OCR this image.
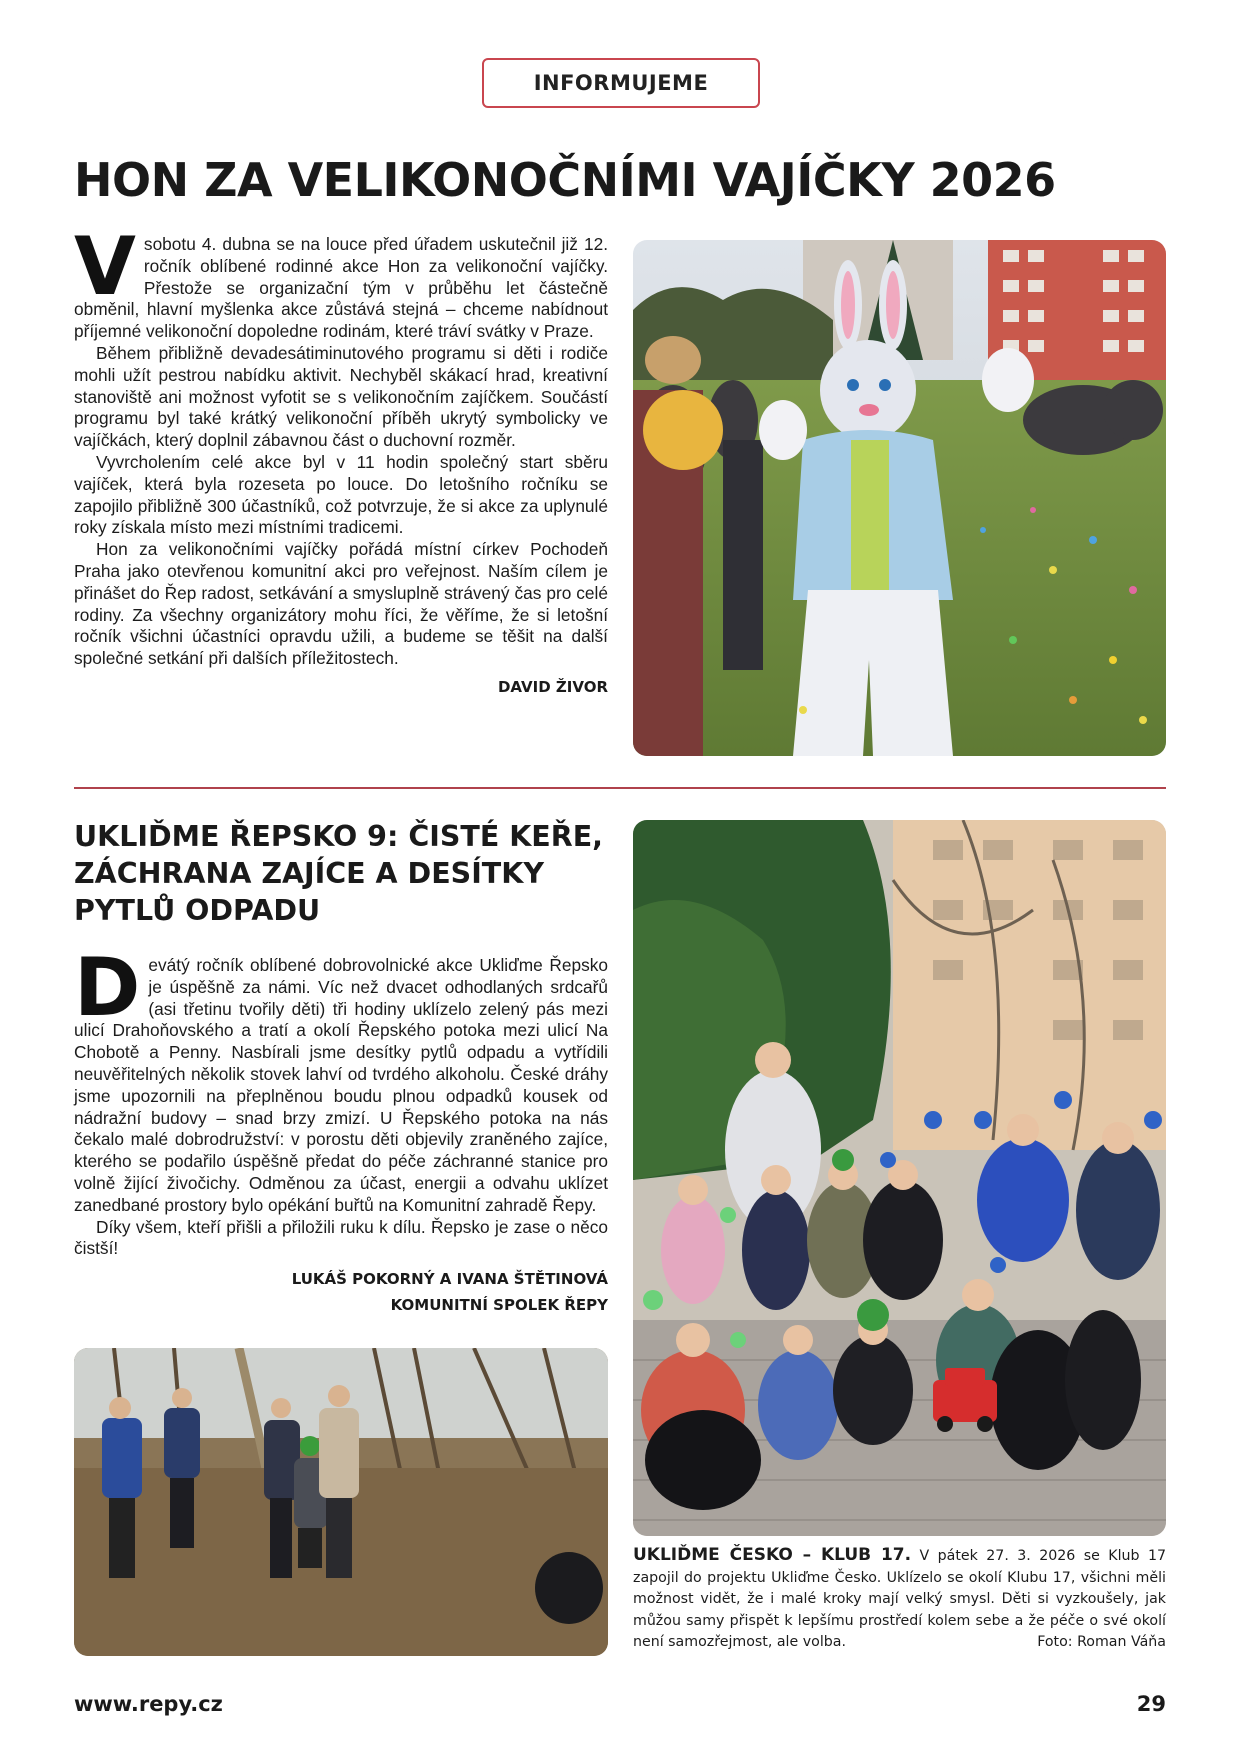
INFORMUJEME
HON ZA VELIKONOČNÍMI VAJÍČKY 2026

Vsobotu 4. dubna se na louce před úřadem uskutečnil již 12. ročník oblíbené rodinné akce Hon za velikonoční vajíčky. Přestože se organizační tým v průběhu let částečně obměnil, hlavní myšlenka akce zůstává stejná – chceme nabídnout příjemné velikonoční dopoledne rodinám, které tráví svátky v Praze.

Během přibližně devadesátiminutového programu si děti i rodiče mohli užít pestrou nabídku aktivit. Nechyběl skákací hrad, kreativní stanoviště ani možnost vyfotit se s velikonočním zajíčkem. Součástí programu byl také krátký velikonoční příběh ukrytý symbolicky ve vajíčkách, který doplnil zábavnou část o duchovní rozměr.

Vyvrcholením celé akce byl v 11 hodin společný start sběru vajíček, která byla rozeseta po louce. Do letošního ročníku se zapojilo přibližně 300 účastníků, což potvrzuje, že si akce za uplynulé roky získala místo mezi místními tradicemi.

Hon za velikonočními vajíčky pořádá místní církev Pochodeň Praha jako otevřenou komunitní akci pro veřejnost. Naším cílem je přinášet do Řep radost, setkávání a smysluplně strávený čas pro celé rodiny. Za všechny organizátory mohu říci, že věříme, že si letošní ročník všichni účastníci opravdu užili, a budeme se těšit na další společné setkání při dalších příležitostech.

DAVID ŽIVOR
UKLIĎME ŘEPSKO 9: ČISTÉ KEŘE, ZÁCHRANA ZAJÍCE A DESÍTKY PYTLŮ ODPADU

Devátý ročník oblíbené dobrovolnické akce Ukliďme Řepsko je úspěšně za námi. Víc než dvacet odhodlaných srdcařů (asi třetinu tvořily děti) tři hodiny uklízelo zelený pás mezi ulicí Drahoňovského a tratí a okolí Řepského potoka mezi ulicí Na Chobotě a Penny. Nasbírali jsme desítky pytlů odpadu a vytřídili neuvěřitelných několik stovek lahví od tvrdého alkoholu. České dráhy jsme upozornili na přeplněnou boudu plnou odpadků kousek od nádražní budovy – snad brzy zmizí. U Řepského potoka na nás čekalo malé dobrodružství: v porostu děti objevily zraněného zajíce, kterého se podařilo úspěšně předat do péče záchranné stanice pro volně žijící živočichy. Odměnou za účast, energii a odvahu uklízet zanedbané prostory bylo opékání buřtů na Komunitní zahradě Řepy.

Díky všem, kteří přišli a přiložili ruku k dílu. Řepsko je zase o něco čistší!

LUKÁŠ POKORNÝ A IVANA ŠTĚTINOVÁ
KOMUNITNÍ SPOLEK ŘEPY
UKLIĎME ČESKO – KLUB 17. V pátek 27. 3. 2026 se Klub 17 zapojil do projektu Ukliďme Česko. Uklízelo se okolí Klubu 17, všichni měli možnost vidět, že i malé kroky mají velký smysl. Děti si vyzkoušely, jak můžou samy přispět k lepšímu prostředí kolem sebe a že péče o své okolí není samozřejmost, ale volba.	Foto: Roman Váňa
www.repy.cz	29
